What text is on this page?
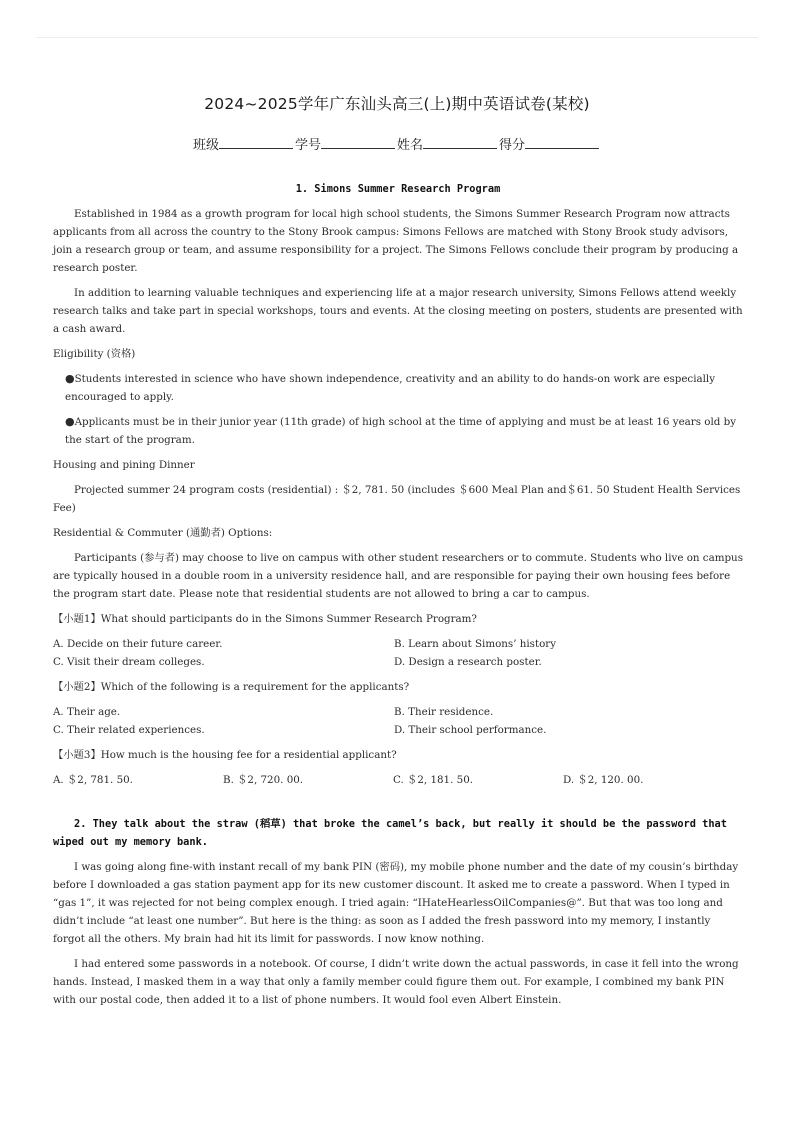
2024~2025学年广东汕头高三(上)期中英语试卷(某校)
班级	学号	姓名	得分
1. Simons Summer Research Program

Established in 1984 as a growth program for local high school students, the Simons Summer Research Program now attracts applicants from all across the country to the Stony Brook campus: Simons Fellows are matched with Stony Brook study advisors, join a research group or team, and assume responsibility for a project. The Simons Fellows conclude their program by producing a research poster.

In addition to learning valuable techniques and experiencing life at a major research university, Simons Fellows attend weekly research talks and take part in special workshops, tours and events. At the closing meeting on posters, students are presented with a cash award.

Eligibility (资格)
●Students interested in science who have shown independence, creativity and an ability to do hands-on work are especially encouraged to apply.
●Applicants must be in their junior year (11th grade) of high school at the time of applying and must be at least 16 years old by the start of the program.
Housing and pining Dinner

Projected summer 24 program costs (residential) : ＄2, 781. 50 (includes ＄600 Meal Plan and＄61. 50 Student Health Services Fee)

Residential & Commuter (通勤者) Options:

Participants (参与者) may choose to live on campus with other student researchers or to commute. Students who live on campus are typically housed in a double room in a university residence hall, and are responsible for paying their own housing fees before the program start date. Please note that residential students are not allowed to bring a car to campus.

【小题1】What should participants do in the Simons Summer Research Program?
A. Decide on their future career.	B. Learn about Simons’ history
C. Visit their dream colleges.	D. Design a research poster.
【小题2】Which of the following is a requirement for the applicants?
A. Their age.	B. Their residence.
C. Their related experiences.	D. Their school performance.
【小题3】How much is the housing fee for a residential applicant?
A. ＄2, 781. 50.	B. ＄2, 720. 00.	C. ＄2, 181. 50.	D. ＄2, 120. 00.
2. They talk about the straw (稻草) that broke the camel’s back, but really it should be the password that wiped out my memory bank.

I was going along fine-with instant recall of my bank PIN (密码), my mobile phone number and the date of my cousin’s birthday before I downloaded a gas station payment app for its new customer discount. It asked me to create a password. When I typed in “gas 1”, it was rejected for not being complex enough. I tried again: “IHateHearlessOilCompanies@”. But that was too long and didn’t include “at least one number”. But here is the thing: as soon as I added the fresh password into my memory, I instantly forgot all the others. My brain had hit its limit for passwords. I now know nothing.

I had entered some passwords in a notebook. Of course, I didn’t write down the actual passwords, in case it fell into the wrong hands. Instead, I masked them in a way that only a family member could figure them out. For example, I combined my bank PIN with our postal code, then added it to a list of phone numbers. It would fool even Albert Einstein.
